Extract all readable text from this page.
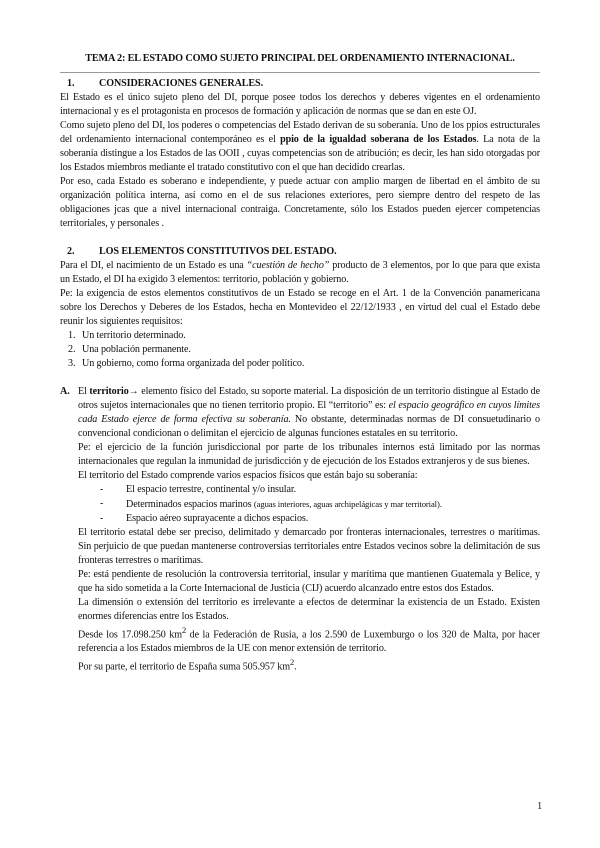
TEMA 2: EL ESTADO COMO SUJETO PRINCIPAL DEL ORDENAMIENTO INTERNACIONAL.
1. CONSIDERACIONES GENERALES.

El Estado es el único sujeto pleno del DI, porque posee todos los derechos y deberes vigentes en el ordenamiento internacional y es el protagonista en procesos de formación y aplicación de normas que se dan en este OJ.

Como sujeto pleno del DI, los poderes o competencias del Estado derivan de su soberanía. Uno de los ppios estructurales del ordenamiento internacional contemporáneo es el ppio de la igualdad soberana de los Estados. La nota de la soberanía distingue a los Estados de las OOII , cuyas competencias son de atribución; es decir, les han sido otorgadas por los Estados miembros mediante el tratado constitutivo con el que han decidido crearlas.

Por eso, cada Estado es soberano e independiente, y puede actuar con amplio margen de libertad en el ámbito de su organización política interna, así como en el de sus relaciones exteriores, pero siempre dentro del respeto de las obligaciones jcas que a nivel internacional contraiga. Concretamente, sólo los Estados pueden ejercer competencias territoriales, y personales .

2. LOS ELEMENTOS CONSTITUTIVOS DEL ESTADO.

Para el DI, el nacimiento de un Estado es una “cuestión de hecho” producto de 3 elementos, por lo que para que exista un Estado, el DI ha exigido 3 elementos: territorio, población y gobierno.

Pe: la exigencia de estos elementos constitutivos de un Estado se recoge en el Art. 1 de la Convención panamericana sobre los Derechos y Deberes de los Estados, hecha en Montevideo el 22/12/1933 , en virtud del cual el Estado debe reunir los siguientes requisitos:

1. Un territorio determinado.
2. Una población permanente.
3. Un gobierno, como forma organizada del poder político.
A. El territorio→ elemento físico del Estado, su soporte material. La disposición de un territorio distingue al Estado de otros sujetos internacionales que no tienen territorio propio. El “territorio” es: el espacio geográfico en cuyos límites cada Estado ejerce de forma efectiva su soberanía. No obstante, determinadas normas de DI consuetudinario o convencional condicionan o delimitan el ejercicio de algunas funciones estatales en su territorio.

Pe: el ejercicio de la función jurisdiccional por parte de los tribunales internos está limitado por las normas internacionales que regulan la inmunidad de jurisdicción y de ejecución de los Estados extranjeros y de sus bienes.

El territorio del Estado comprende varios espacios físicos que están bajo su soberanía:

- El espacio terrestre, continental y/o insular.
- Determinados espacios marinos (aguas interiores, aguas archipelágicas y mar territorial).
- Espacio aéreo suprayacente a dichos espacios.

El territorio estatal debe ser preciso, delimitado y demarcado por fronteras internacionales, terrestres o marítimas. Sin perjuicio de que puedan mantenerse controversias territoriales entre Estados vecinos sobre la delimitación de sus fronteras terrestres o marítimas.

Pe: está pendiente de resolución la controversia territorial, insular y marítima que mantienen Guatemala y Belice, y que ha sido sometida a la Corte Internacional de Justicia (CIJ) acuerdo alcanzado entre estos dos Estados.

La dimensión o extensión del territorio es irrelevante a efectos de determinar la existencia de un Estado. Existen enormes diferencias entre los Estados.

Desde los 17.098.250 $km^2$ de la Federación de Rusia, a los 2.590 de Luxemburgo o los 320 de Malta, por hacer referencia a los Estados miembros de la UE con menor extensión de territorio.

Por su parte, el territorio de España suma 505.957 $km^2$.

1
